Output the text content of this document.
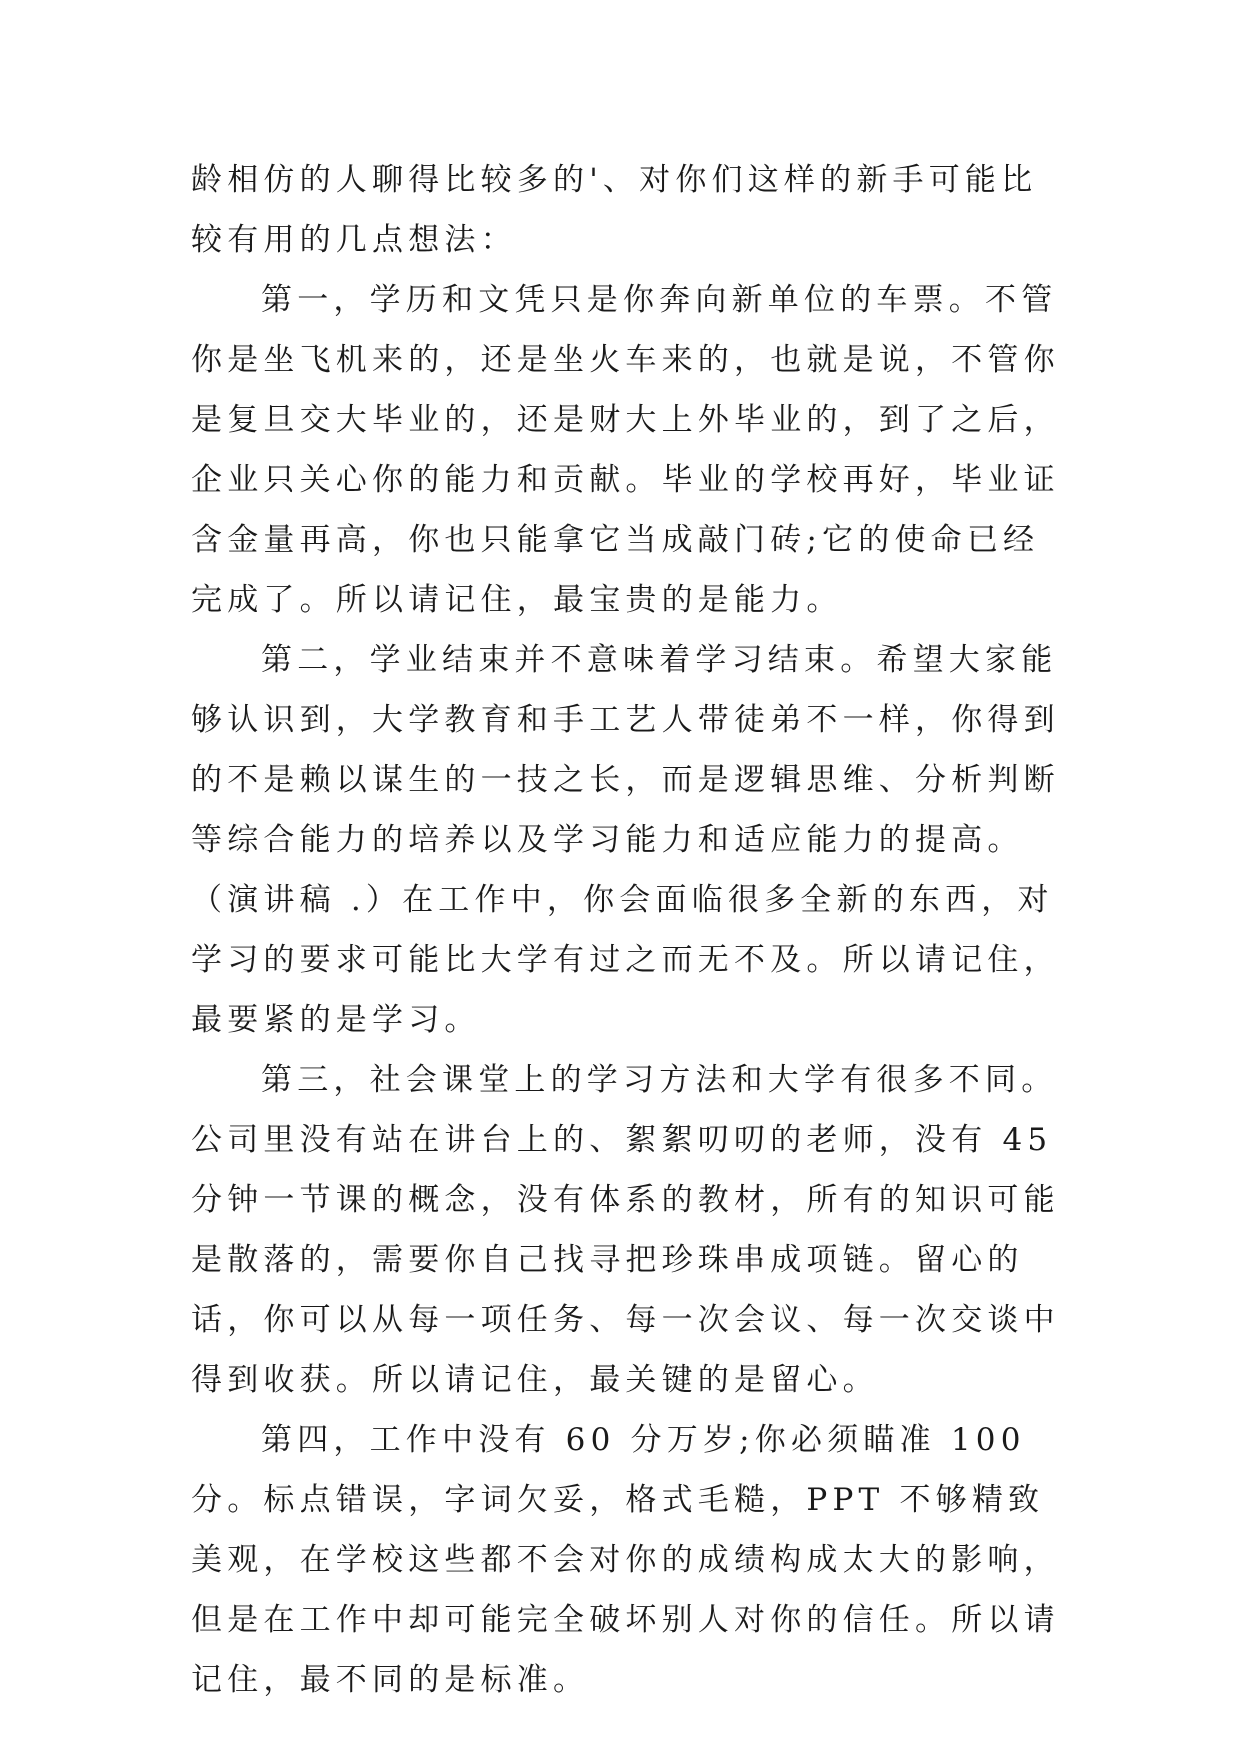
龄相仿的人聊得比较多的'、对你们这样的新手可能比较有用的几点想法：

第一，学历和文凭只是你奔向新单位的车票。不管你是坐飞机来的，还是坐火车来的，也就是说，不管你是复旦交大毕业的，还是财大上外毕业的，到了之后，企业只关心你的能力和贡献。毕业的学校再好，毕业证含金量再高，你也只能拿它当成敲门砖;它的使命已经完成了。所以请记住，最宝贵的是能力。

第二，学业结束并不意味着学习结束。希望大家能够认识到，大学教育和手工艺人带徒弟不一样，你得到的不是赖以谋生的一技之长，而是逻辑思维、分析判断等综合能力的培养以及学习能力和适应能力的提高。（演讲稿 .）在工作中，你会面临很多全新的东西，对学习的要求可能比大学有过之而无不及。所以请记住，最要紧的是学习。

第三，社会课堂上的学习方法和大学有很多不同。公司里没有站在讲台上的、絮絮叨叨的老师，没有 45 分钟一节课的概念，没有体系的教材，所有的知识可能是散落的，需要你自己找寻把珍珠串成项链。留心的话，你可以从每一项任务、每一次会议、每一次交谈中得到收获。所以请记住，最关键的是留心。

第四，工作中没有 60 分万岁;你必须瞄准 100 分。标点错误，字词欠妥，格式毛糙，PPT 不够精致美观，在学校这些都不会对你的成绩构成太大的影响，但是在工作中却可能完全破坏别人对你的信任。所以请记住，最不同的是标准。
